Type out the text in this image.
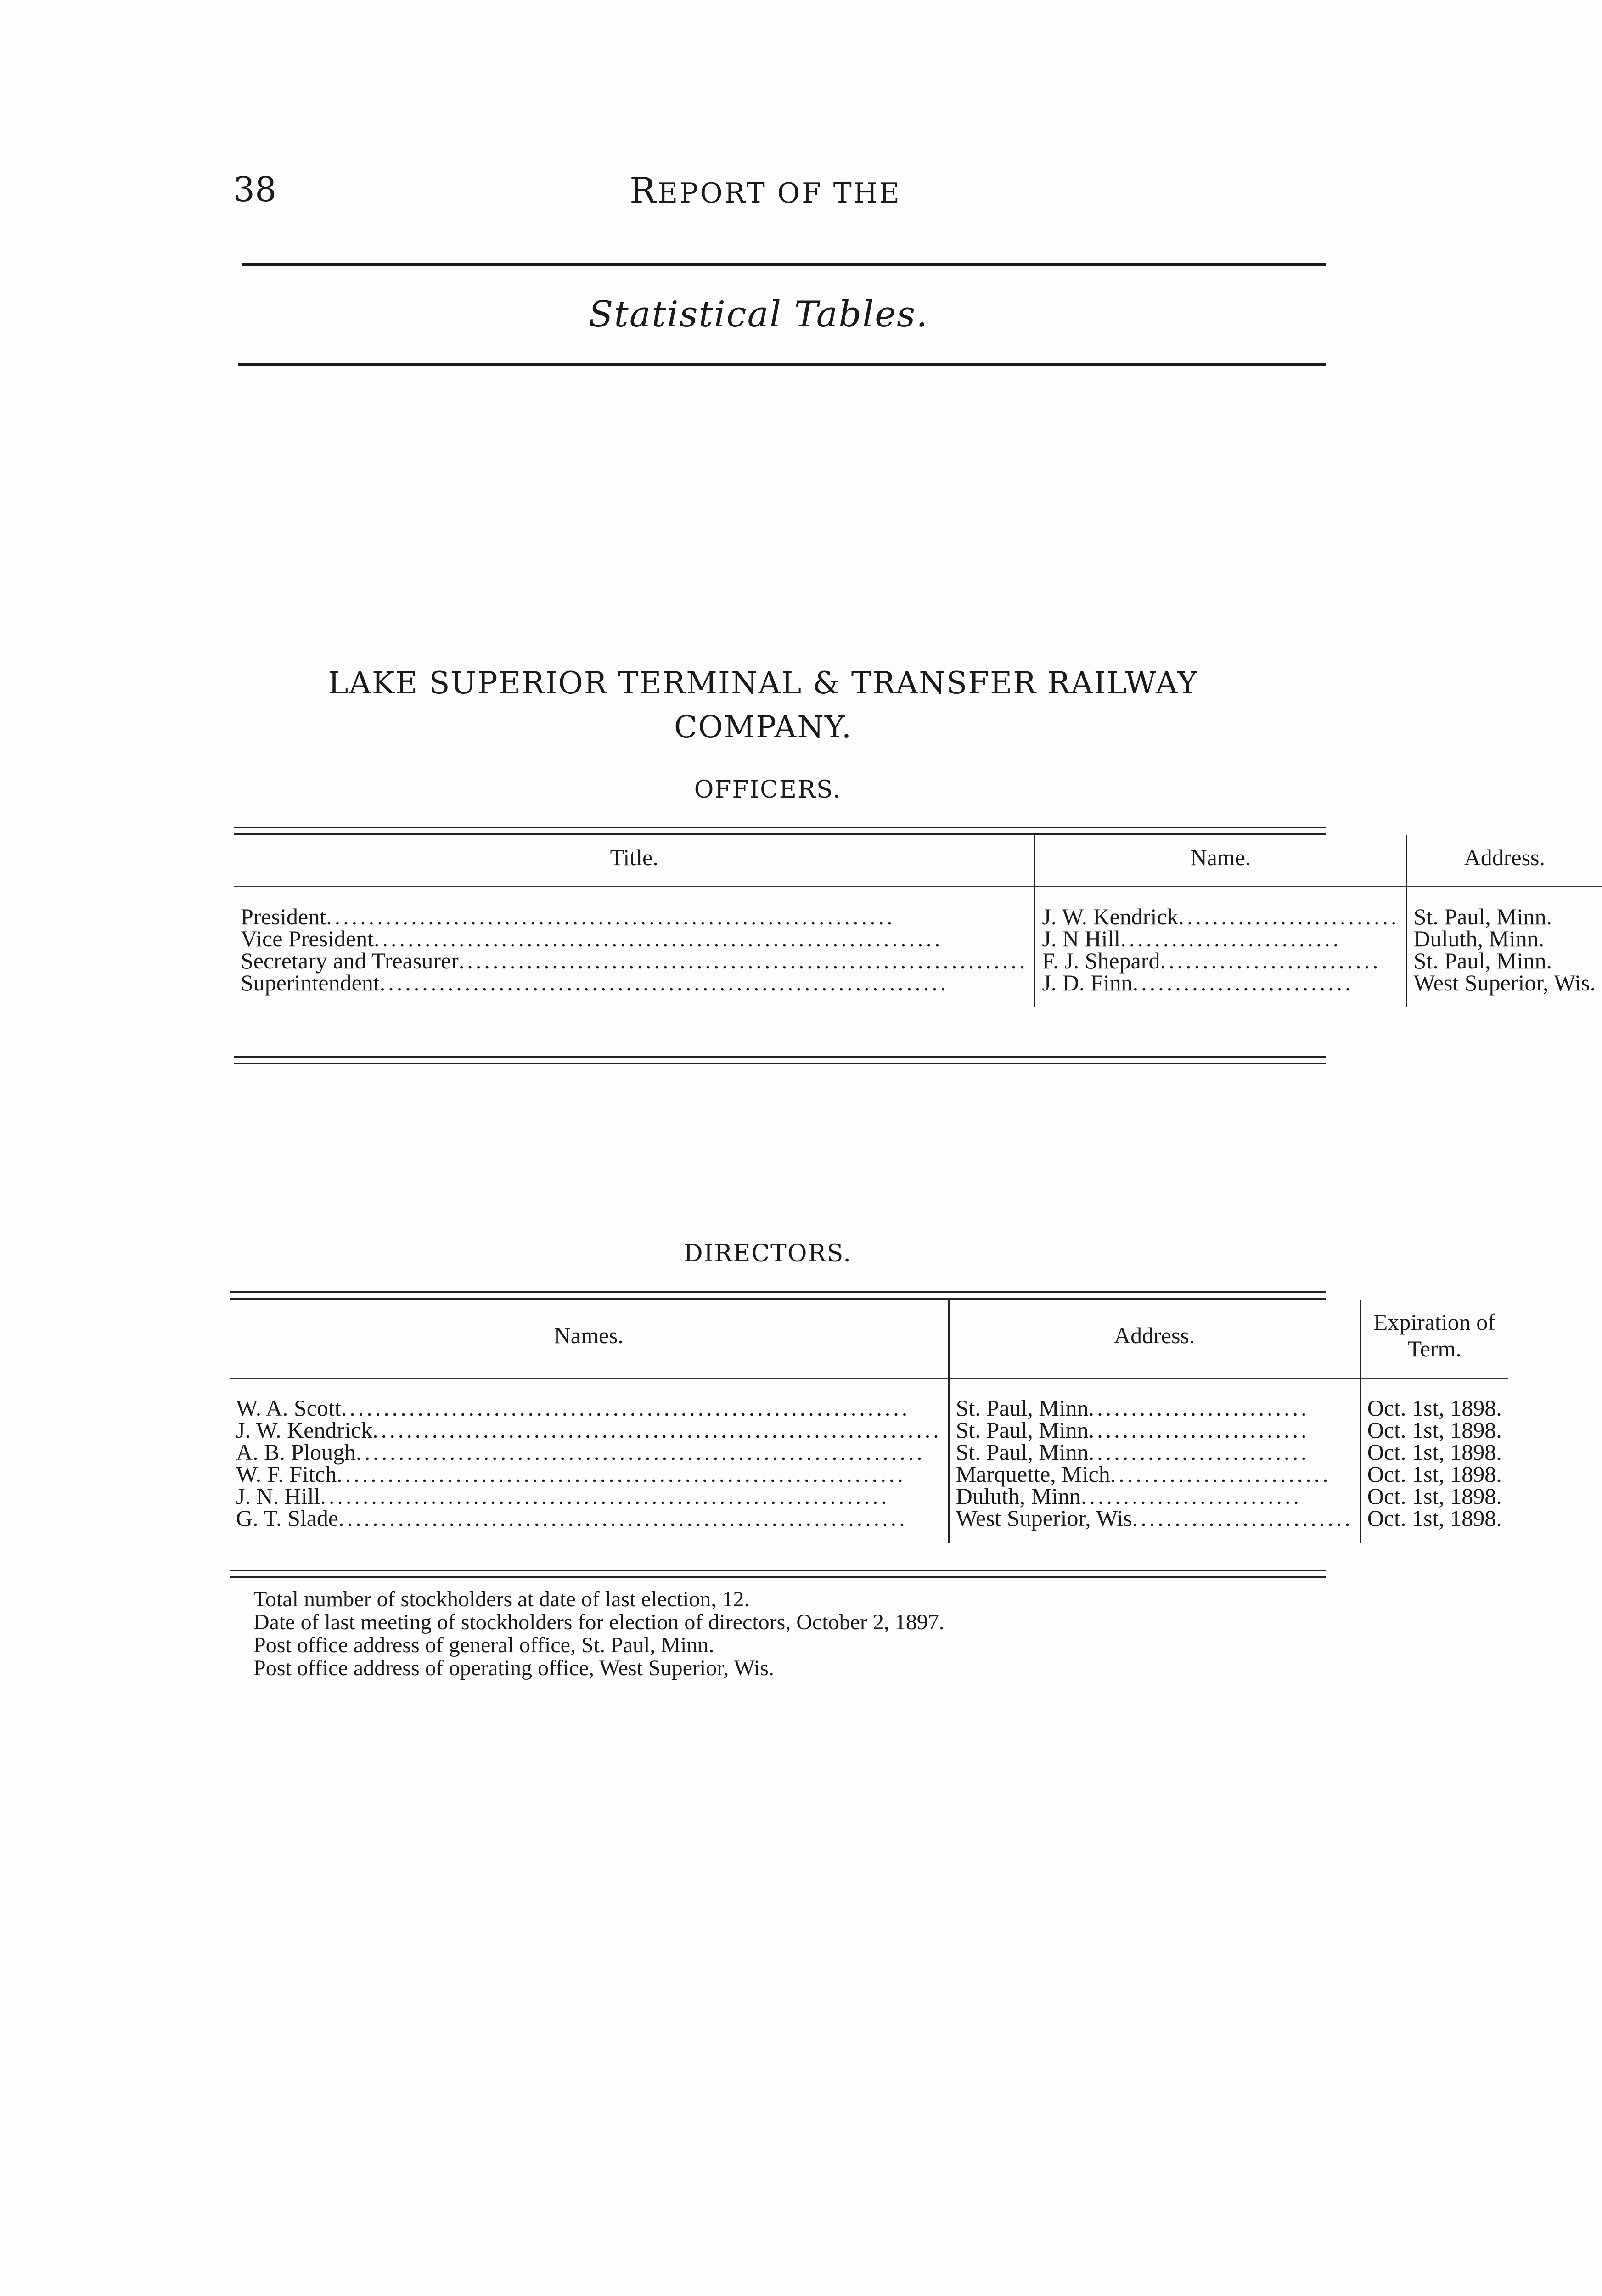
38	REPORT OF THE
Statistical Tables.
LAKE SUPERIOR TERMINAL & TRANSFER RAILWAY
COMPANY.
OFFICERS.
Title.	Name.	Address.

President ...................................................................	J. W. Kendrick ..........................	St. Paul, Minn.

Vice President ...................................................................	J. N Hill ..........................	Duluth, Minn.

Secretary and Treasurer ...................................................................	F. J. Shepard ..........................	St. Paul, Minn.

Superintendent ...................................................................	J. D. Finn ..........................	West Superior, Wis.

DIRECTORS.
Names.	Address.	Expiration of Term.

W. A. Scott ...................................................................	St. Paul, Minn ..........................	Oct. 1st, 1898.

J. W. Kendrick ...................................................................	St. Paul, Minn ..........................	Oct. 1st, 1898.

A. B. Plough ...................................................................	St. Paul, Minn ..........................	Oct. 1st, 1898.

W. F. Fitch ...................................................................	Marquette, Mich ..........................	Oct. 1st, 1898.

J. N. Hill ...................................................................	Duluth, Minn ..........................	Oct. 1st, 1898.

G. T. Slade ...................................................................	West Superior, Wis ..........................	Oct. 1st, 1898.

Total number of stockholders at date of last election, 12.
Date of last meeting of stockholders for election of directors, October 2, 1897.
Post office address of general office, St. Paul, Minn.
Post office address of operating office, West Superior, Wis.
